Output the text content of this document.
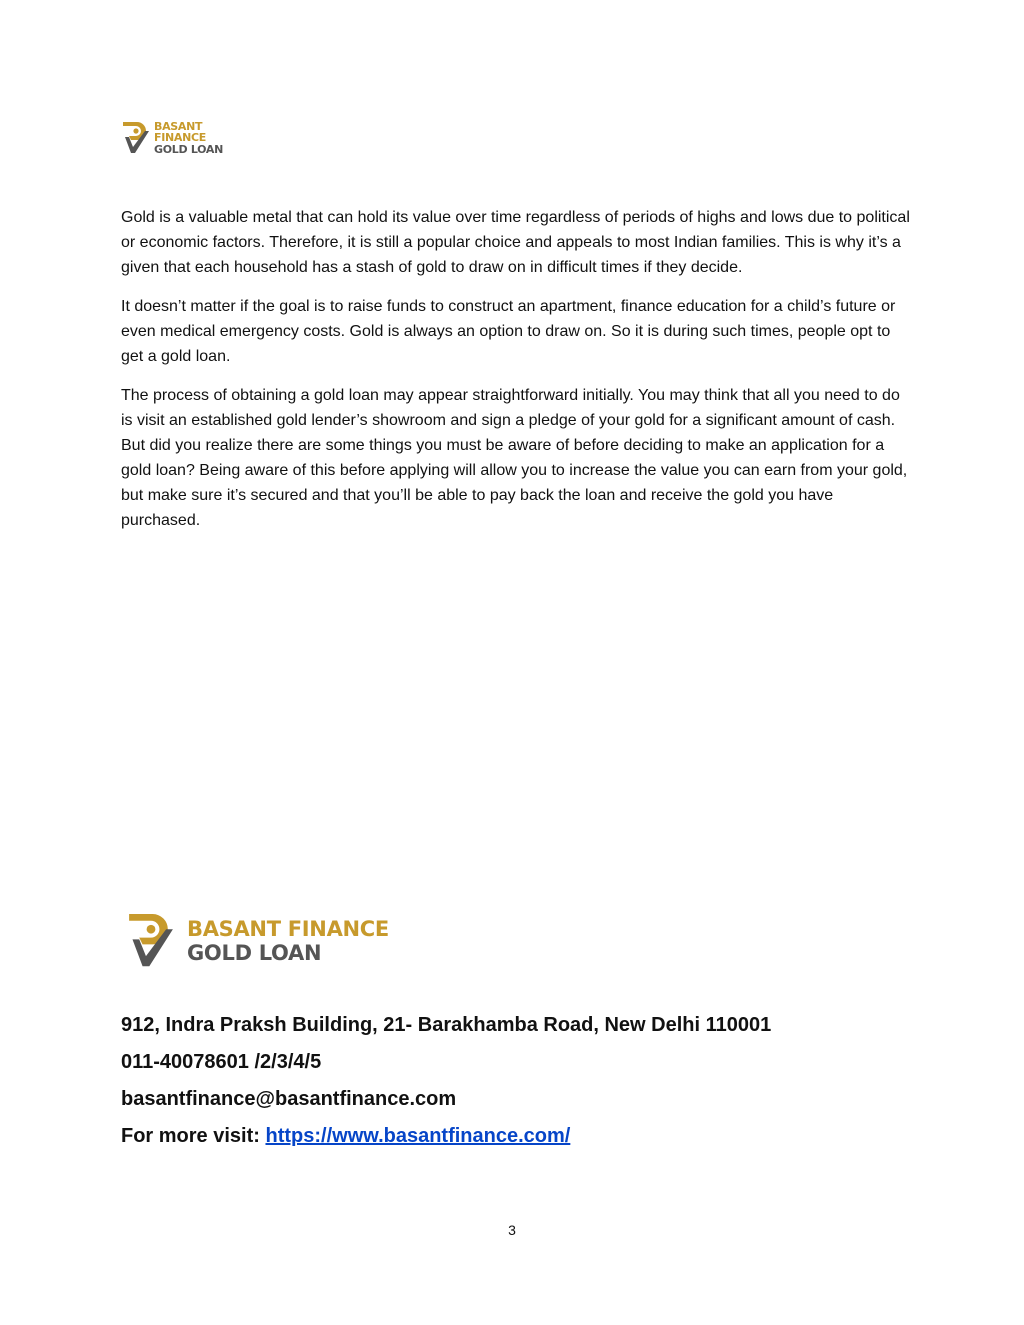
BASANT FINANCE
GOLD LOAN

Gold is a valuable metal that can hold its value over time regardless of periods of highs and lows due to political or economic factors. Therefore, it is still a popular choice and appeals to most Indian families. This is why it’s a given that each household has a stash of gold to draw on in difficult times if they decide.

It doesn’t matter if the goal is to raise funds to construct an apartment, finance education for a child’s future or even medical emergency costs. Gold is always an option to draw on. So it is during such times, people opt to get a gold loan.

The process of obtaining a gold loan may appear straightforward initially. You may think that all you need to do is visit an established gold lender’s showroom and sign a pledge of your gold for a significant amount of cash. But did you realize there are some things you must be aware of before deciding to make an application for a gold loan? Being aware of this before applying will allow you to increase the value you can earn from your gold, but make sure it’s secured and that you’ll be able to pay back the loan and receive the gold you have purchased.

BASANT FINANCE
GOLD LOAN
912, Indra Praksh Building, 21- Barakhamba Road, New Delhi 110001
011-40078601 /2/3/4/5
basantfinance@basantfinance.com
For more visit: https://www.basantfinance.com/
3
